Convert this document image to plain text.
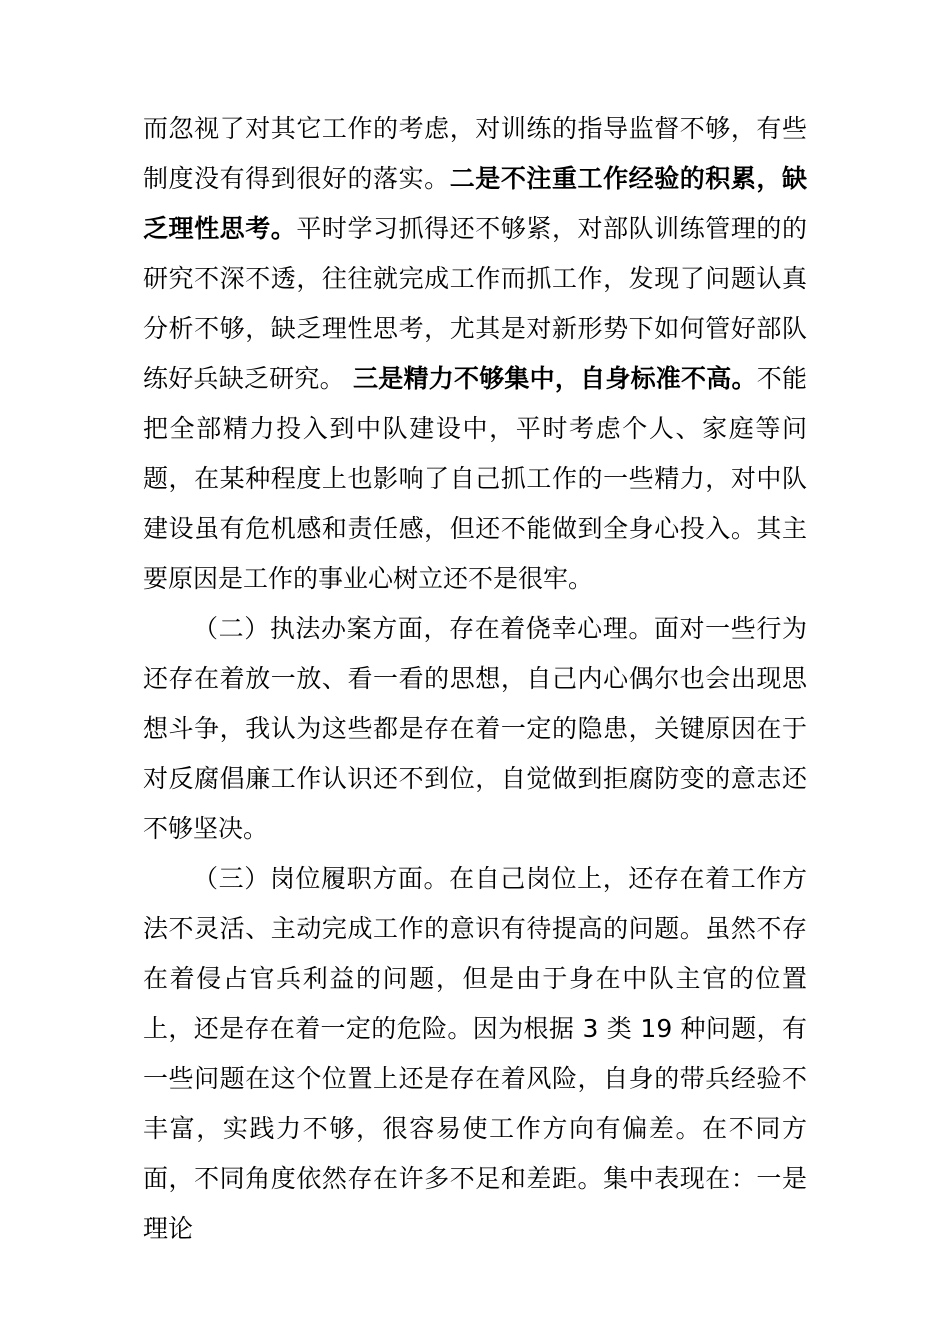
而忽视了对其它工作的考虑，对训练的指导监督不够，有些制度没有得到很好的落实。二是不注重工作经验的积累，缺乏理性思考。平时学习抓得还不够紧，对部队训练管理的的研究不深不透，往往就完成工作而抓工作，发现了问题认真分析不够，缺乏理性思考，尤其是对新形势下如何管好部队练好兵缺乏研究。 三是精力不够集中，自身标准不高。不能把全部精力投入到中队建设中，平时考虑个人、家庭等问题，在某种程度上也影响了自己抓工作的一些精力，对中队建设虽有危机感和责任感，但还不能做到全身心投入。其主要原因是工作的事业心树立还不是很牢。

（二）执法办案方面，存在着侥幸心理。面对一些行为还存在着放一放、看一看的思想，自己内心偶尔也会出现思想斗争，我认为这些都是存在着一定的隐患，关键原因在于对反腐倡廉工作认识还不到位，自觉做到拒腐防变的意志还不够坚决。

（三）岗位履职方面。在自己岗位上，还存在着工作方法不灵活、主动完成工作的意识有待提高的问题。虽然不存在着侵占官兵利益的问题，但是由于身在中队主官的位置上，还是存在着一定的危险。因为根据 3 类 19 种问题，有一些问题在这个位置上还是存在着风险，自身的带兵经验不丰富，实践力不够，很容易使工作方向有偏差。在不同方面，不同角度依然存在许多不足和差距。集中表现在：一是理论
